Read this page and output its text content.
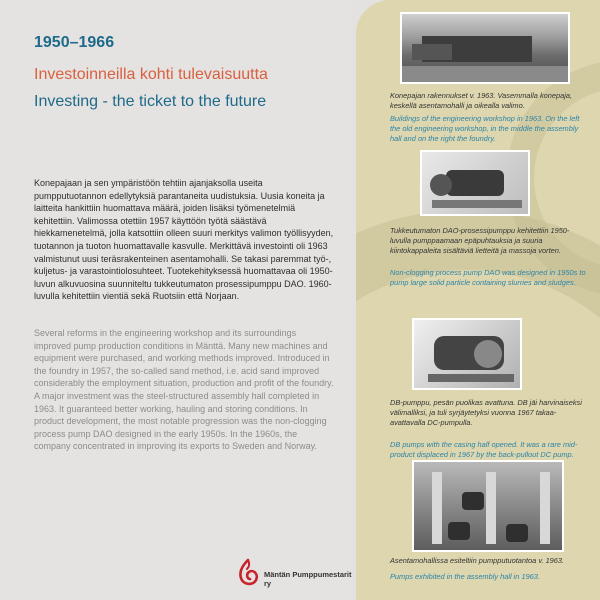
1950–1966
Investoinneilla kohti tulevaisuutta
Investing - the ticket to the future

Konepajaan ja sen ympäristöön tehtiin ajanjaksolla useita pumpputuotannon edellytyksiä parantaneita uudistuksia. Uusia koneita ja laitteita hankittiin huomattava määrä, joiden lisäksi työmenetelmiä kehitettiin. Valimossa otettiin 1957 käyttöön työtä säästävä hiekkamenetelmä, jolla katsottiin olleen suuri merkitys valimon työllisyyden, tuotannon ja tuoton huomattavalle kasvulle. Merkittävä investointi oli 1963 valmistunut uusi teräsrakenteinen asentamohalli. Se takasi paremmat työ-, kuljetus- ja varastointiolosuhteet. Tuotekehityksessä huomattavaa oli 1950-luvun alkuvuosina suunniteltu tukkeutumaton prosessipumppu DAO. 1960-luvulla kehitettiin vientiä sekä Ruotsiin että Norjaan.

Several reforms in the engineering workshop and its surroundings improved pump production conditions in Mänttä. Many new machines and equipment were purchased, and working methods improved. Introduced in the foundry in 1957, the so-called sand method, i.e. acid sand improved considerably the employment situation, production and profit of the foundry. A major investment was the steel-structured assembly hall completed in 1963. It guaranteed better working, hauling and storing conditions. In product development, the most notable progression was the non-clogging process pump DAO designed in the early 1950s. In the 1960s, the company concentrated in improving its exports to Sweden and Norway.

Mäntän Pumppumestarit ry

Konepajan rakennukset v. 1963. Vasemmalla konepaja, keskellä asentamohalli ja oikealla valimo.

Buildings of the engineering workshop in 1963. On the left the old engineering workshop, in the middle the assembly hall and on the right the foundry.

Tukkeutumaton DAO-prosessipumppu kehitettiin 1950-luvulla pumppaamaan epäpuhtauksia ja suuria kiintokappaleita sisältäviä lietteitä ja massoja vorten.

Non-clogging process pump DAO was designed in 1950s to pump large solid particle containing slurries and sludges.

DB-pumppu, pesän puolikas avattuna. DB jäi harvinaiseksi välimalliksi, ja tuli syrjäytetyksi vuonna 1967 takaa-avattavalla DC-pumpulla.

DB pumps with the casing half opened. It was a rare mid-product displaced in 1967 by the back-pullout DC pump.

Asentamohallissa esiteltiin pumpputuotantoa v. 1963.

Pumps exhibited in the assembly hall in 1963.
